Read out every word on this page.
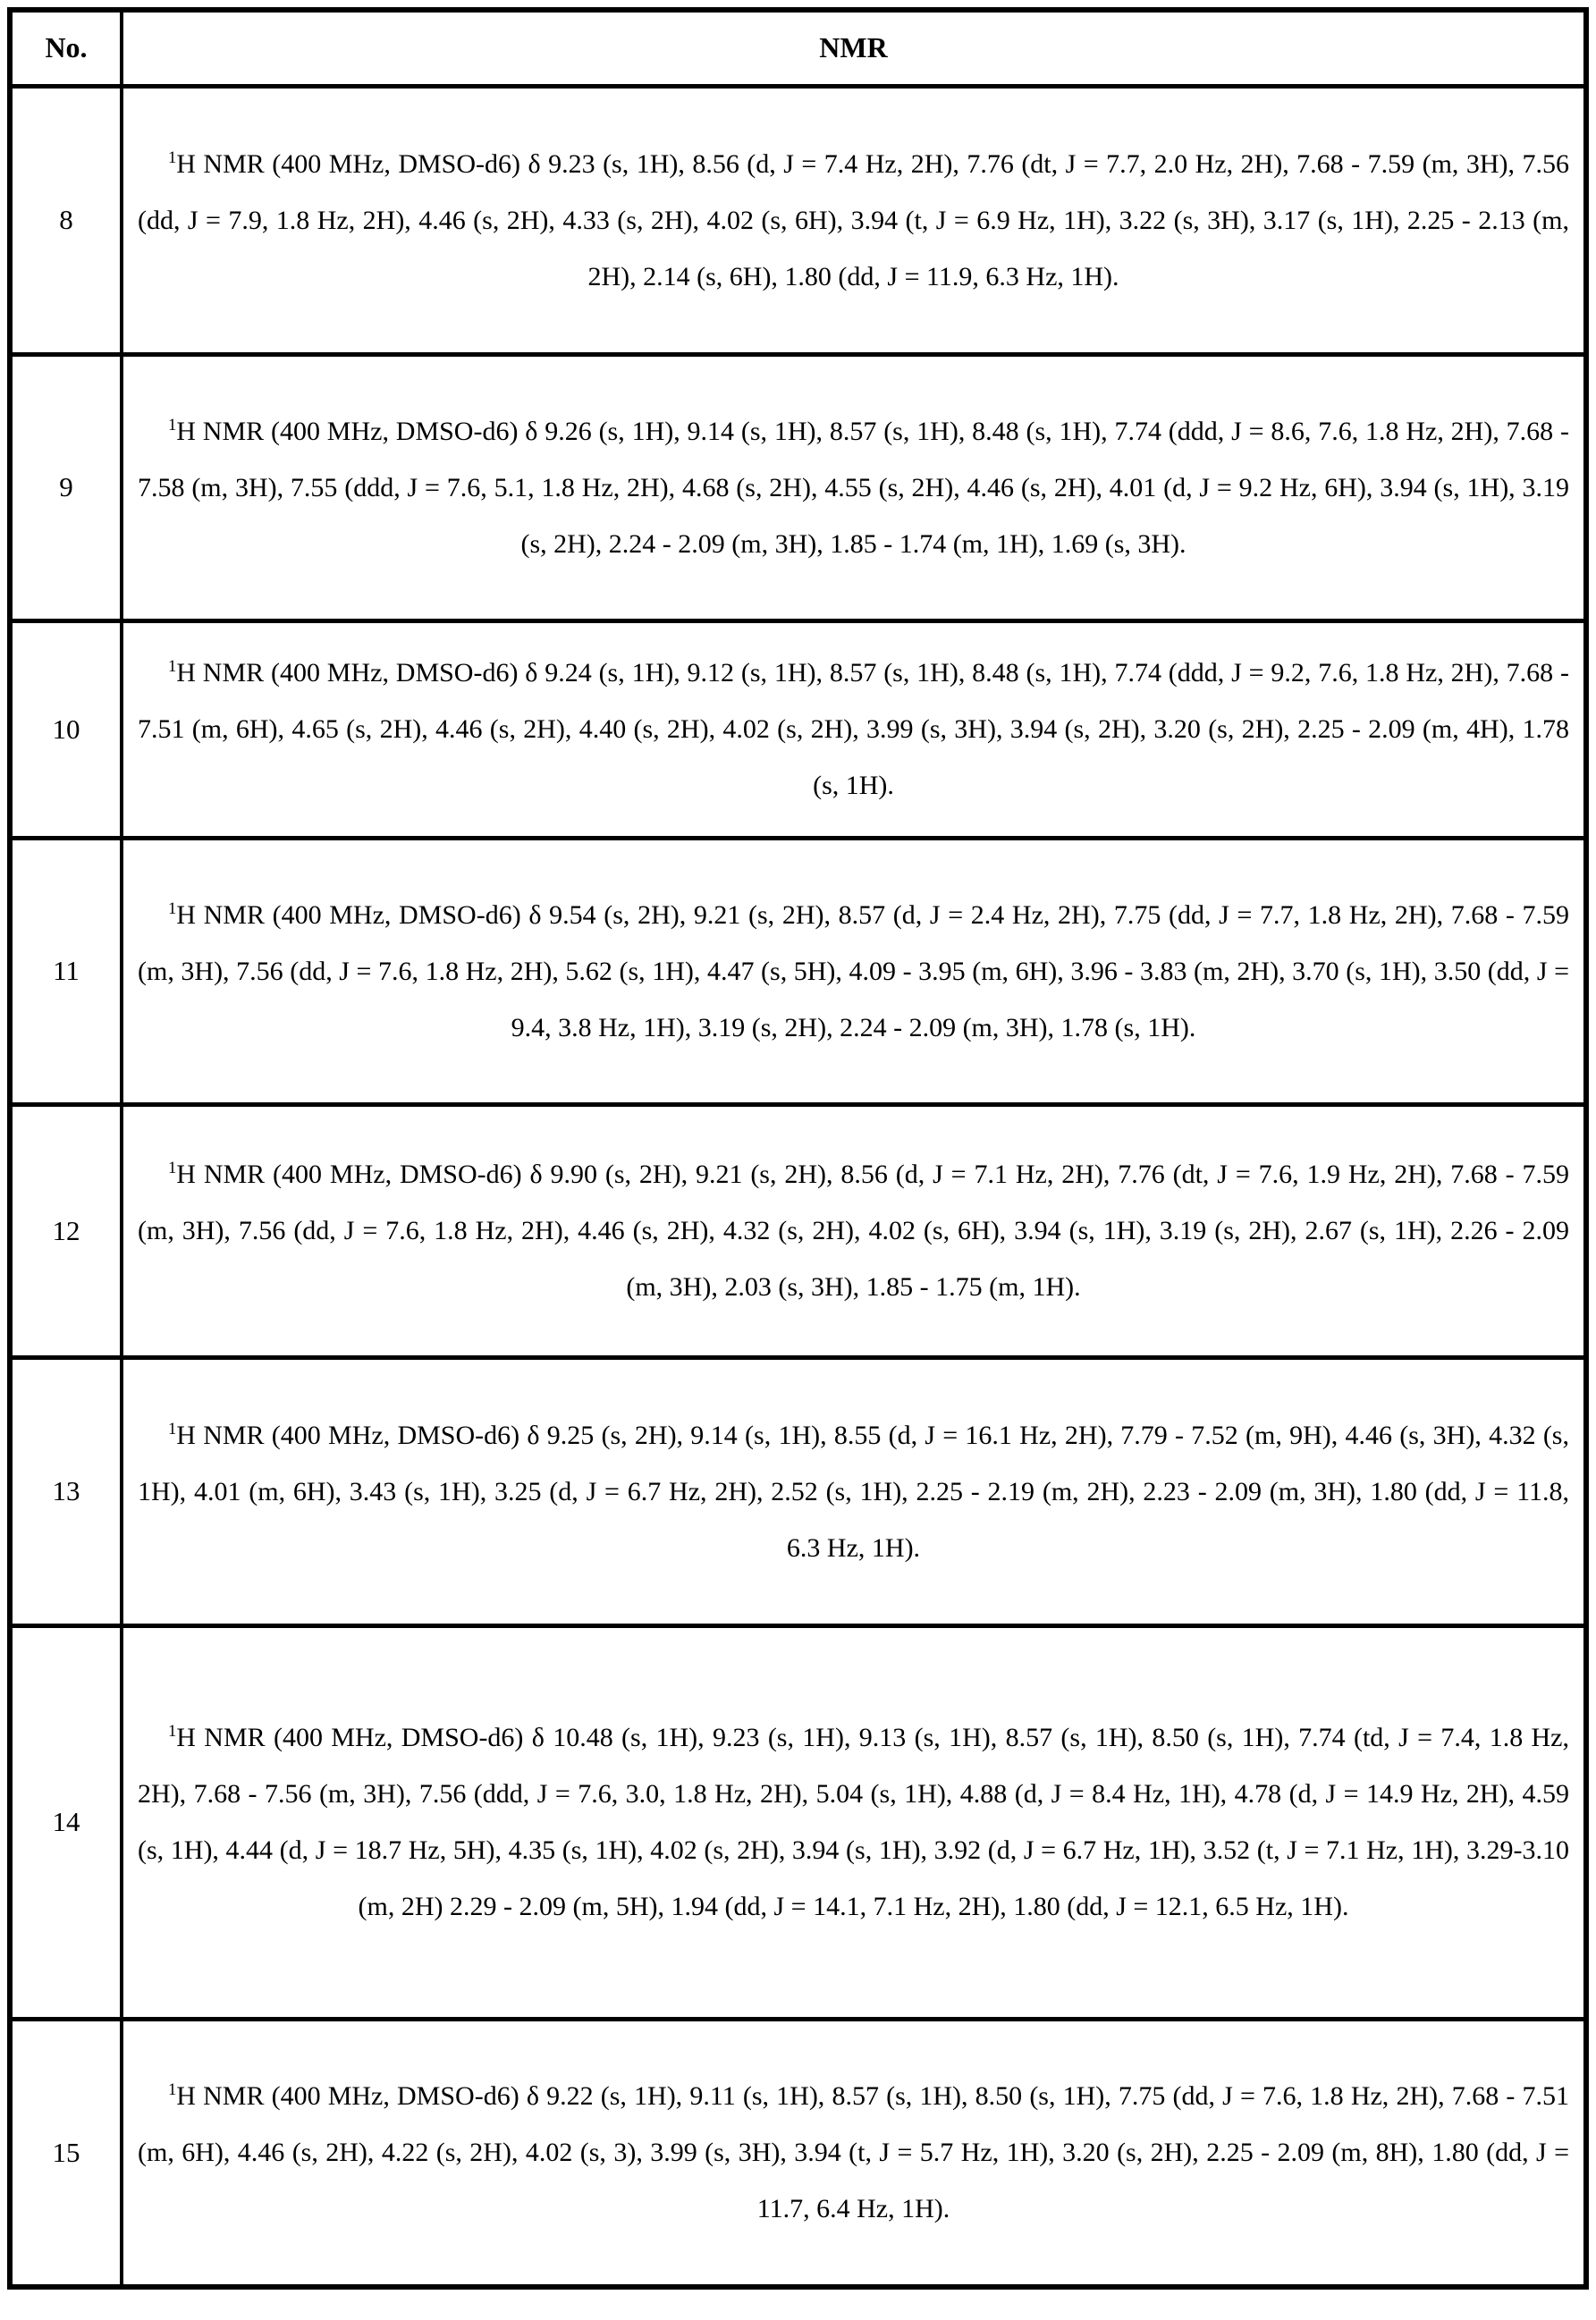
No.	NMR
8	$^1$H NMR (400 MHz, DMSO-d6) δ 9.23 (s, 1H), 8.56 (d, J = 7.4 Hz, 2H), 7.76 (dt, J = 7.7, 2.0 Hz, 2H), 7.68 - 7.59 (m, 3H), 7.56 (dd, J = 7.9, 1.8 Hz, 2H), 4.46 (s, 2H), 4.33 (s, 2H), 4.02 (s, 6H), 3.94 (t, J = 6.9 Hz, 1H), 3.22 (s, 3H), 3.17 (s, 1H), 2.25 - 2.13 (m, 2H), 2.14 (s, 6H), 1.80 (dd, J = 11.9, 6.3 Hz, 1H).

9	$^1$H NMR (400 MHz, DMSO-d6) δ 9.26 (s, 1H), 9.14 (s, 1H), 8.57 (s, 1H), 8.48 (s, 1H), 7.74 (ddd, J = 8.6, 7.6, 1.8 Hz, 2H), 7.68 - 7.58 (m, 3H), 7.55 (ddd, J = 7.6, 5.1, 1.8 Hz, 2H), 4.68 (s, 2H), 4.55 (s, 2H), 4.46 (s, 2H), 4.01 (d, J = 9.2 Hz, 6H), 3.94 (s, 1H), 3.19 (s, 2H), 2.24 - 2.09 (m, 3H), 1.85 - 1.74 (m, 1H), 1.69 (s, 3H).

10	$^1$H NMR (400 MHz, DMSO-d6) δ 9.24 (s, 1H), 9.12 (s, 1H), 8.57 (s, 1H), 8.48 (s, 1H), 7.74 (ddd, J = 9.2, 7.6, 1.8 Hz, 2H), 7.68 - 7.51 (m, 6H), 4.65 (s, 2H), 4.46 (s, 2H), 4.40 (s, 2H), 4.02 (s, 2H), 3.99 (s, 3H), 3.94 (s, 2H), 3.20 (s, 2H), 2.25 - 2.09 (m, 4H), 1.78 (s, 1H).

11	$^1$H NMR (400 MHz, DMSO-d6) δ 9.54 (s, 2H), 9.21 (s, 2H), 8.57 (d, J = 2.4 Hz, 2H), 7.75 (dd, J = 7.7, 1.8 Hz, 2H), 7.68 - 7.59 (m, 3H), 7.56 (dd, J = 7.6, 1.8 Hz, 2H), 5.62 (s, 1H), 4.47 (s, 5H), 4.09 - 3.95 (m, 6H), 3.96 - 3.83 (m, 2H), 3.70 (s, 1H), 3.50 (dd, J = 9.4, 3.8 Hz, 1H), 3.19 (s, 2H), 2.24 - 2.09 (m, 3H), 1.78 (s, 1H).

12	$^1$H NMR (400 MHz, DMSO-d6) δ 9.90 (s, 2H), 9.21 (s, 2H), 8.56 (d, J = 7.1 Hz, 2H), 7.76 (dt, J = 7.6, 1.9 Hz, 2H), 7.68 - 7.59 (m, 3H), 7.56 (dd, J = 7.6, 1.8 Hz, 2H), 4.46 (s, 2H), 4.32 (s, 2H), 4.02 (s, 6H), 3.94 (s, 1H), 3.19 (s, 2H), 2.67 (s, 1H), 2.26 - 2.09 (m, 3H), 2.03 (s, 3H), 1.85 - 1.75 (m, 1H).

13	$^1$H NMR (400 MHz, DMSO-d6) δ 9.25 (s, 2H), 9.14 (s, 1H), 8.55 (d, J = 16.1 Hz, 2H), 7.79 - 7.52 (m, 9H), 4.46 (s, 3H), 4.32 (s, 1H), 4.01 (m, 6H), 3.43 (s, 1H), 3.25 (d, J = 6.7 Hz, 2H), 2.52 (s, 1H), 2.25 - 2.19 (m, 2H), 2.23 - 2.09 (m, 3H), 1.80 (dd, J = 11.8, 6.3 Hz, 1H).

14	$^1$H NMR (400 MHz, DMSO-d6) δ 10.48 (s, 1H), 9.23 (s, 1H), 9.13 (s, 1H), 8.57 (s, 1H), 8.50 (s, 1H), 7.74 (td, J = 7.4, 1.8 Hz, 2H), 7.68 - 7.56 (m, 3H), 7.56 (ddd, J = 7.6, 3.0, 1.8 Hz, 2H), 5.04 (s, 1H), 4.88 (d, J = 8.4 Hz, 1H), 4.78 (d, J = 14.9 Hz, 2H), 4.59 (s, 1H), 4.44 (d, J = 18.7 Hz, 5H), 4.35 (s, 1H), 4.02 (s, 2H), 3.94 (s, 1H), 3.92 (d, J = 6.7 Hz, 1H), 3.52 (t, J = 7.1 Hz, 1H), 3.29-3.10 (m, 2H) 2.29 - 2.09 (m, 5H), 1.94 (dd, J = 14.1, 7.1 Hz, 2H), 1.80 (dd, J = 12.1, 6.5 Hz, 1H).

15	$^1$H NMR (400 MHz, DMSO-d6) δ 9.22 (s, 1H), 9.11 (s, 1H), 8.57 (s, 1H), 8.50 (s, 1H), 7.75 (dd, J = 7.6, 1.8 Hz, 2H), 7.68 - 7.51 (m, 6H), 4.46 (s, 2H), 4.22 (s, 2H), 4.02 (s, 3), 3.99 (s, 3H), 3.94 (t, J = 5.7 Hz, 1H), 3.20 (s, 2H), 2.25 - 2.09 (m, 8H), 1.80 (dd, J = 11.7, 6.4 Hz, 1H).
